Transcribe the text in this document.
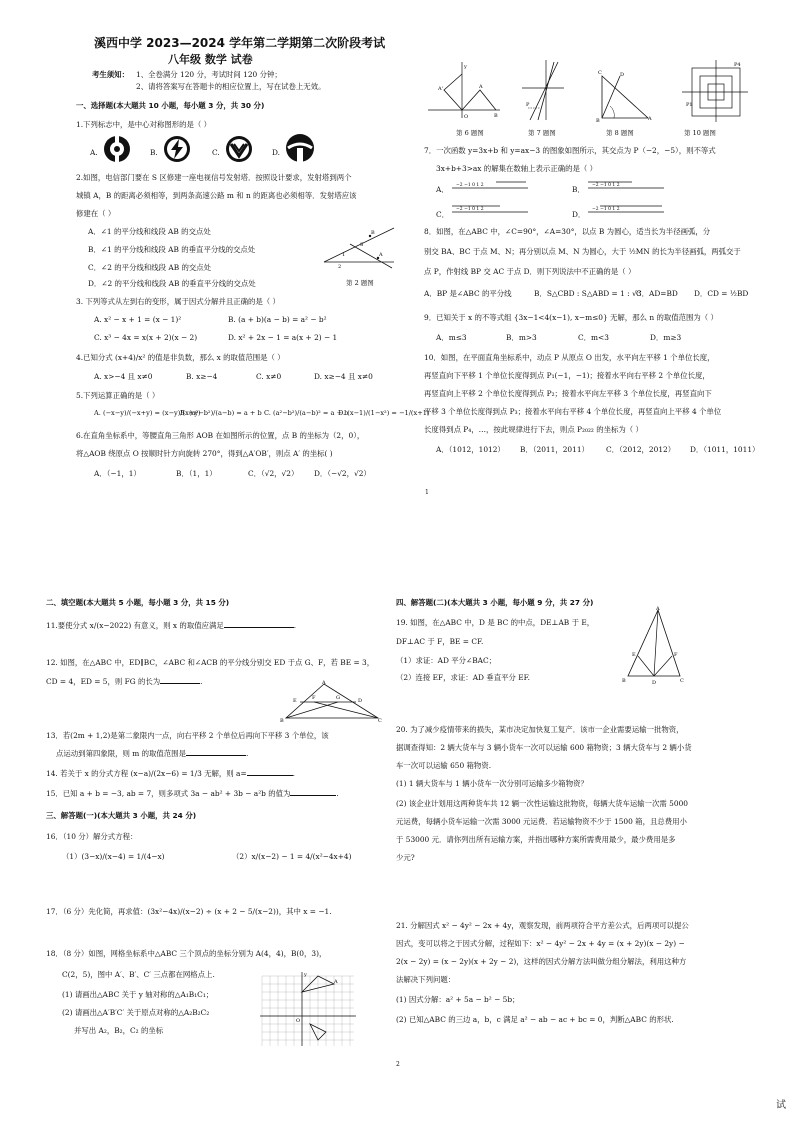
溪西中学 2023—2024 学年第二学期第二次阶段考试
八年级 数学 试卷
考生须知： 1、全卷满分 120 分，考试时间 120 分钟；
2、请将答案写在答题卡的相应位置上，写在试卷上无效。
一、选择题(本大题共 10 小题，每小题 3 分，共 30 分)
1.下列标志中，是中心对称图形的是（ ）
A.	B.	C.	D.
2.如图，电信部门要在 S 区修建一座电视信号发射塔．按照设计要求，发射塔到两个
城镇 A，B 的距离必须相等，到两条高速公路 m 和 n 的距离也必须相等．发射塔应该
修建在（ ）
A．∠1 的平分线和线段 AB 的交点处
B．∠1 的平分线和线段 AB 的垂直平分线的交点处
C．∠2 的平分线和线段 AB 的交点处
D．∠2 的平分线和线段 AB 的垂直平分线的交点处
B
A
S
1
2
第 2 题图
3. 下列等式从左到右的变形，属于因式分解并且正确的是（ ）
A. x² − x + 1 = (x − 1)²	B. (a + b)(a − b) = a² − b²
C. x³ − 4x = x(x + 2)(x − 2)	D. x² + 2x − 1 = a(x + 2) − 1
4.已知分式 (x+4)/x² 的值是非负数，那么 x 的取值范围是（ ）
A. x>−4 且 x≠0	B. x≥−4	C. x≠0	D. x≥−4 且 x≠0
5.下列运算正确的是（ ）
A. (−x−y)/(−x+y) = (x−y)/(x+y)
B. (a²−b²)/(a−b) = a + b C. (a²−b²)/(a−b)² = a − b
D. (x−1)/(1−x²) = −1/(x+1)
6.在直角坐标系中，等腰直角三角形 AOB 在如图所示的位置，点 B 的坐标为（2，0），
将△AOB 绕原点 O 按顺时针方向旋转 270°，得到△A′OB′，则点 A′ 的坐标( )
A．（−1，1）	B．（1，1）	C．（√2，√2） D．（−√2，√2）
O
A
B
A'
y
P
C	D
A
B
P4
P1
第 6 题图	第 7 题图	第 8 题图	第 10 题图
7．一次函数 y=3x+b 和 y=ax−3 的图象如图所示，其交点为 P（−2，−5），则不等式
3x+b+3>ax 的解集在数轴上表示正确的是（ ）
A． −2 −1 0 1 2	B． −2 −1 0 1 2
C．
−2 −1 0 1 2
D．
−2 −1 0 1 2
8．如图，在△ABC 中，∠C=90°，∠A=30°，以点 B 为圆心，适当长为半径画弧，分
别交 BA、BC 于点 M、N；再分别以点 M、N 为圆心，大于 ½MN 的长为半径画弧，两弧交于
点 P，作射线 BP 交 AC 于点 D．则下列说法中不正确的是（ ）
A．BP 是∠ABC 的平分线	B．S△CBD : S△ABD = 1 : √3
C．AD=BD D．CD = ½BD
9．已知关于 x 的不等式组 {3x−1<4(x−1), x−m≤0} 无解，那么 n 的取值范围为（ ）
A．m≤3	B．m>3	C．m<3	D．m≥3
10．如图，在平面直角坐标系中，动点 P 从原点 O 出发，水平向左平移 1 个单位长度，
再竖直向下平移 1 个单位长度得到点 P₁(−1，−1)；接着水平向右平移 2 个单位长度，
再竖直向上平移 2 个单位长度得到点 P₂；接着水平向左平移 3 个单位长度，再竖直向下
平移 3 个单位长度得到点 P₃；接着水平向右平移 4 个单位长度，再竖直向上平移 4 个单位
长度得到点 P₄，…，按此规律进行下去，则点 P₂₀₂₂ 的坐标为（ ）
A．（1012，1012） B．（2011，2011） C．（2012，2012） D．（1011，1011）
1
二、填空题(本大题共 5 小题，每小题 3 分，共 15 分)
11.要使分式 x/(x−2022) 有意义，则 x 的取值应满足	.
12. 如图，在△ABC 中，ED∥BC，∠ABC 和∠ACB 的平分线分别交 ED 于点 G、F，若 BE = 3，
CD = 4，ED = 5，则 FG 的长为	.	A
B	C
E	D
F	G
13．若(2m + 1,2)是第二象限内一点，向右平移 2 个单位后再向下平移 3 个单位，该
点运动到第四象限，则 m 的取值范围是	.
14. 若关于 x 的分式方程 (x−a)/(2x−6) = 1/3 无解，则 a=	.
15．已知 a + b = −3, ab = 7，则多项式 3a − ab² + 3b − a²b 的值为	.
三、解答题(一)(本大题共 3 小题，共 24 分)
16．（10 分）解分式方程：
（1）(3−x)/(x−4) = 1/(4−x)	（2）x/(x−2) − 1 = 4/(x²−4x+4)
17．（6 分）先化简，再求值：(3x²−4x)/(x−2) ÷ (x + 2 − 5/(x−2))，其中 x = −1.
18．（8 分）如图，网格坐标系中△ABC 三个顶点的坐标分别为 A(4，4)，B(0，3)，
C(2，5)，图中 A′、B′、C′ 三点都在网格点上.
(1) 请画出△ABC 关于 y 轴对称的△A₁B₁C₁；
(2) 请画出△A′B′C′ 关于原点对称的△A₂B₂C₂
并写出 A₂，B₂，C₂ 的坐标
A
O
y
四、解答题(二)(本大题共 3 小题，每小题 9 分，共 27 分)
19. 如图，在△ABC 中，D 是 BC 的中点，DE⊥AB 于 E，
DF⊥AC 于 F，BE = CF.
（1）求证：AD 平分∠BAC；
（2）连接 EF，求证：AD 垂直平分 EF.
A
B	D	C
E	F
20. 为了减少疫情带来的损失，某市决定加快复工复产．该市一企业需要运输一批物资，
据调查得知：2 辆大货车与 3 辆小货车一次可以运输 600 箱物资；3 辆大货车与 2 辆小货
车一次可以运输 650 箱物资.
(1) 1 辆大货车与 1 辆小货车一次分别可运输多少箱物资？
(2) 该企业计划用这两种货车共 12 辆一次性运输这批物资，每辆大货车运输一次需 5000
元运费，每辆小货车运输一次需 3000 元运费．若运输物资不少于 1500 箱，且总费用小
于 53000 元．请你列出所有运输方案，并指出哪种方案所需费用最少，最少费用是多
少元?
21. 分解因式 x² − 4y² − 2x + 4y，观察发现，前两项符合平方差公式，后两项可以提公
因式，变可以将之于因式分解，过程如下：x² − 4y² − 2x + 4y = (x + 2y)(x − 2y) −
2(x − 2y) = (x − 2y)(x + 2y − 2)，这样的因式分解方法叫做分组分解法，利用这种方
法解决下列问题：
(1) 因式分解：a² + 5a − b² − 5b；
(2) 已知△ABC 的三边 a，b，c 满足 a² − ab − ac + bc = 0，判断△ABC 的形状.
2
试
